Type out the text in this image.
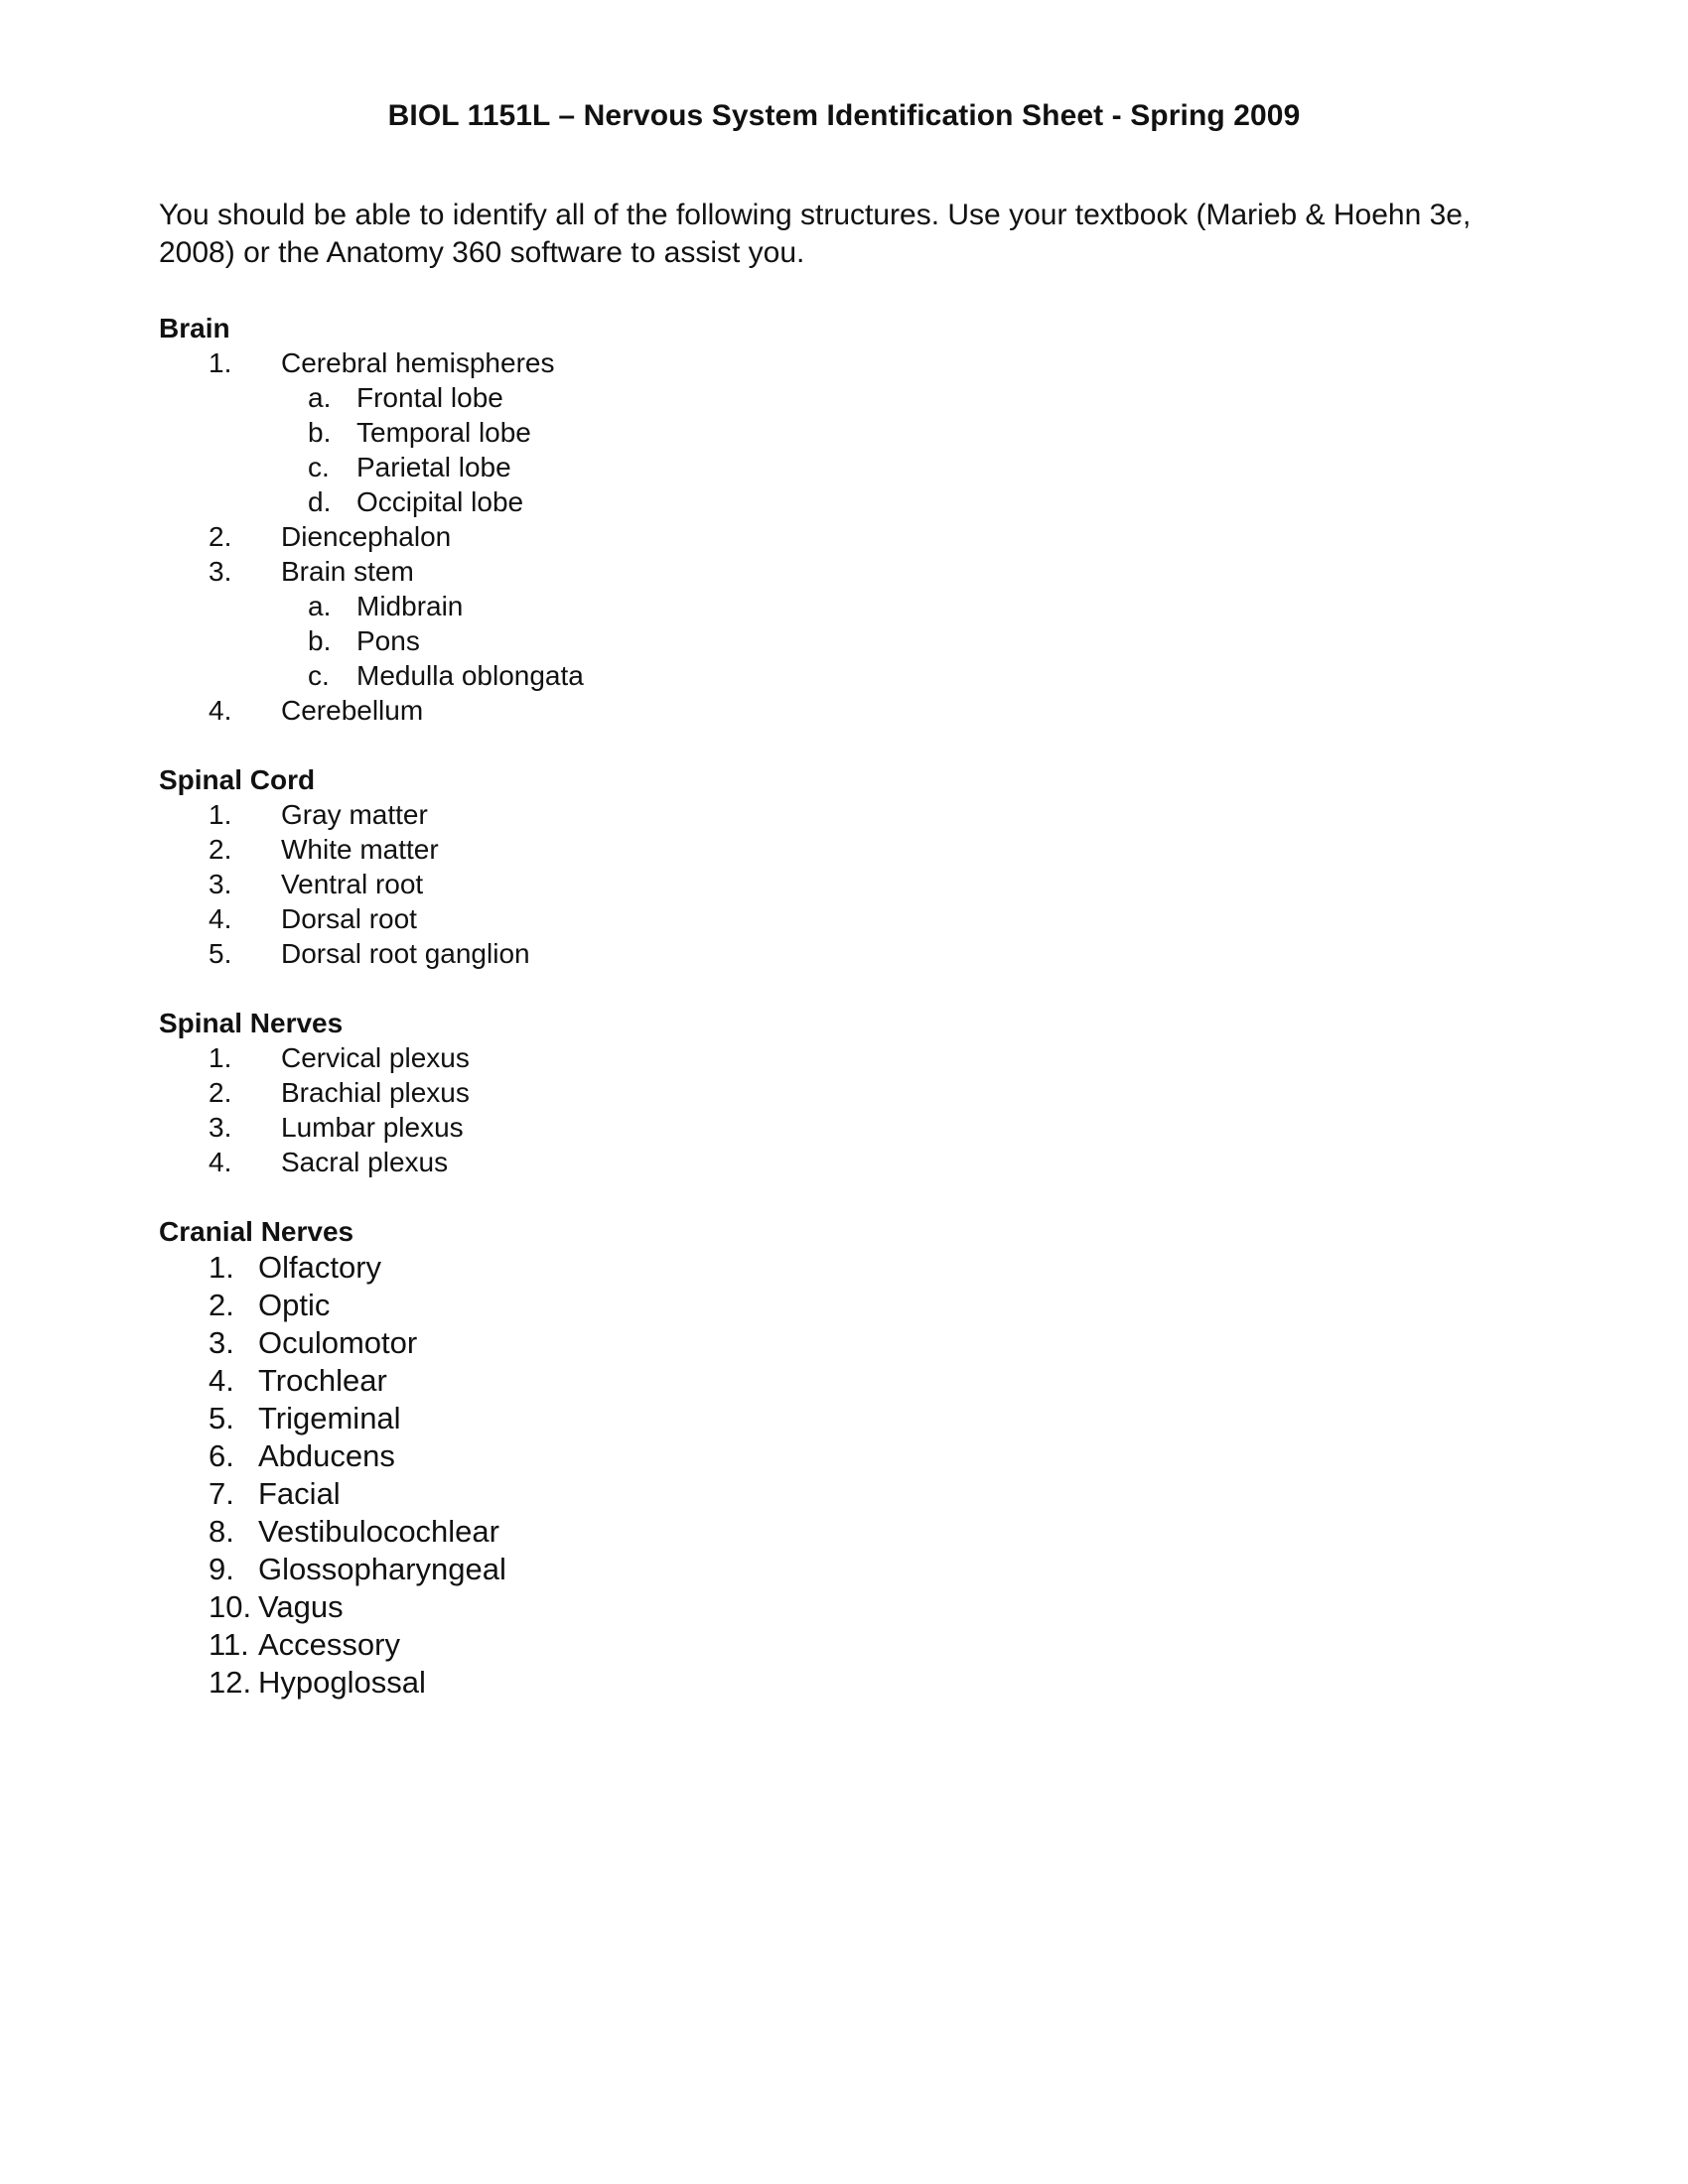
BIOL 1151L – Nervous System Identification Sheet - Spring 2009
You should be able to identify all of the following structures. Use your textbook (Marieb & Hoehn 3e, 2008) or the Anatomy 360 software to assist you.
Brain
1. Cerebral hemispheres
a. Frontal lobe
b. Temporal lobe
c. Parietal lobe
d. Occipital lobe
2. Diencephalon
3. Brain stem
a. Midbrain
b. Pons
c. Medulla oblongata
4. Cerebellum
Spinal Cord
1. Gray matter
2. White matter
3. Ventral root
4. Dorsal root
5. Dorsal root ganglion
Spinal Nerves
1. Cervical plexus
2. Brachial plexus
3. Lumbar plexus
4. Sacral plexus
Cranial Nerves
1. Olfactory
2. Optic
3. Oculomotor
4. Trochlear
5. Trigeminal
6. Abducens
7. Facial
8. Vestibulocochlear
9. Glossopharyngeal
10. Vagus
11. Accessory
12. Hypoglossal
